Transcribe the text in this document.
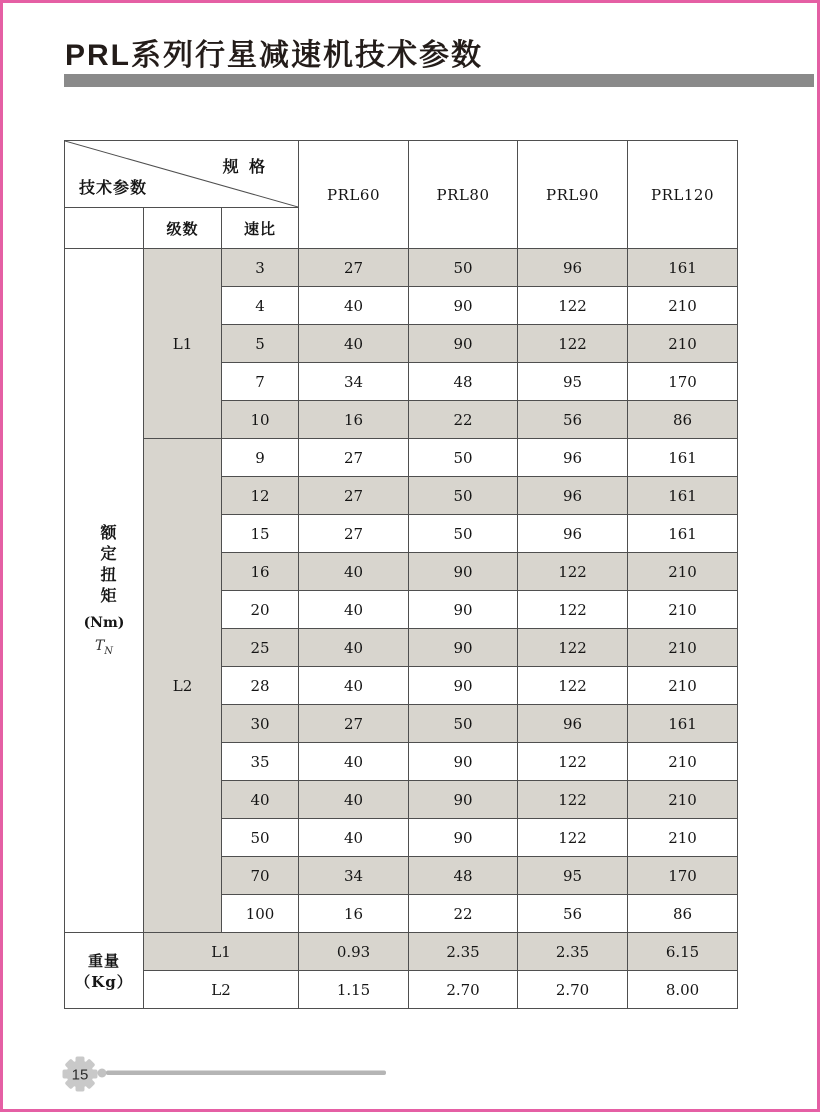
PRL系列行星减速机技术参数
规 格
技术参数			PRL60	PRL80	PRL90	PRL120
	级数	速比				

额定扭矩
(Nm)
$T_N$	L1	3	27	50	96	161
		4	40	90	122	210
		5	40	90	122	210
		7	34	48	95	170
		10	16	22	56	86
	L2	9	27	50	96	161
		12	27	50	96	161
		15	27	50	96	161
		16	40	90	122	210
		20	40	90	122	210
		25	40	90	122	210
		28	40	90	122	210
		30	27	50	96	161
		35	40	90	122	210
		40	40	90	122	210
		50	40	90	122	210
		70	34	48	95	170
		100	16	22	56	86
重量（Kg）	L1		0.93	2.35	2.35	6.15
	L2		1.15	2.70	2.70	8.00
15
